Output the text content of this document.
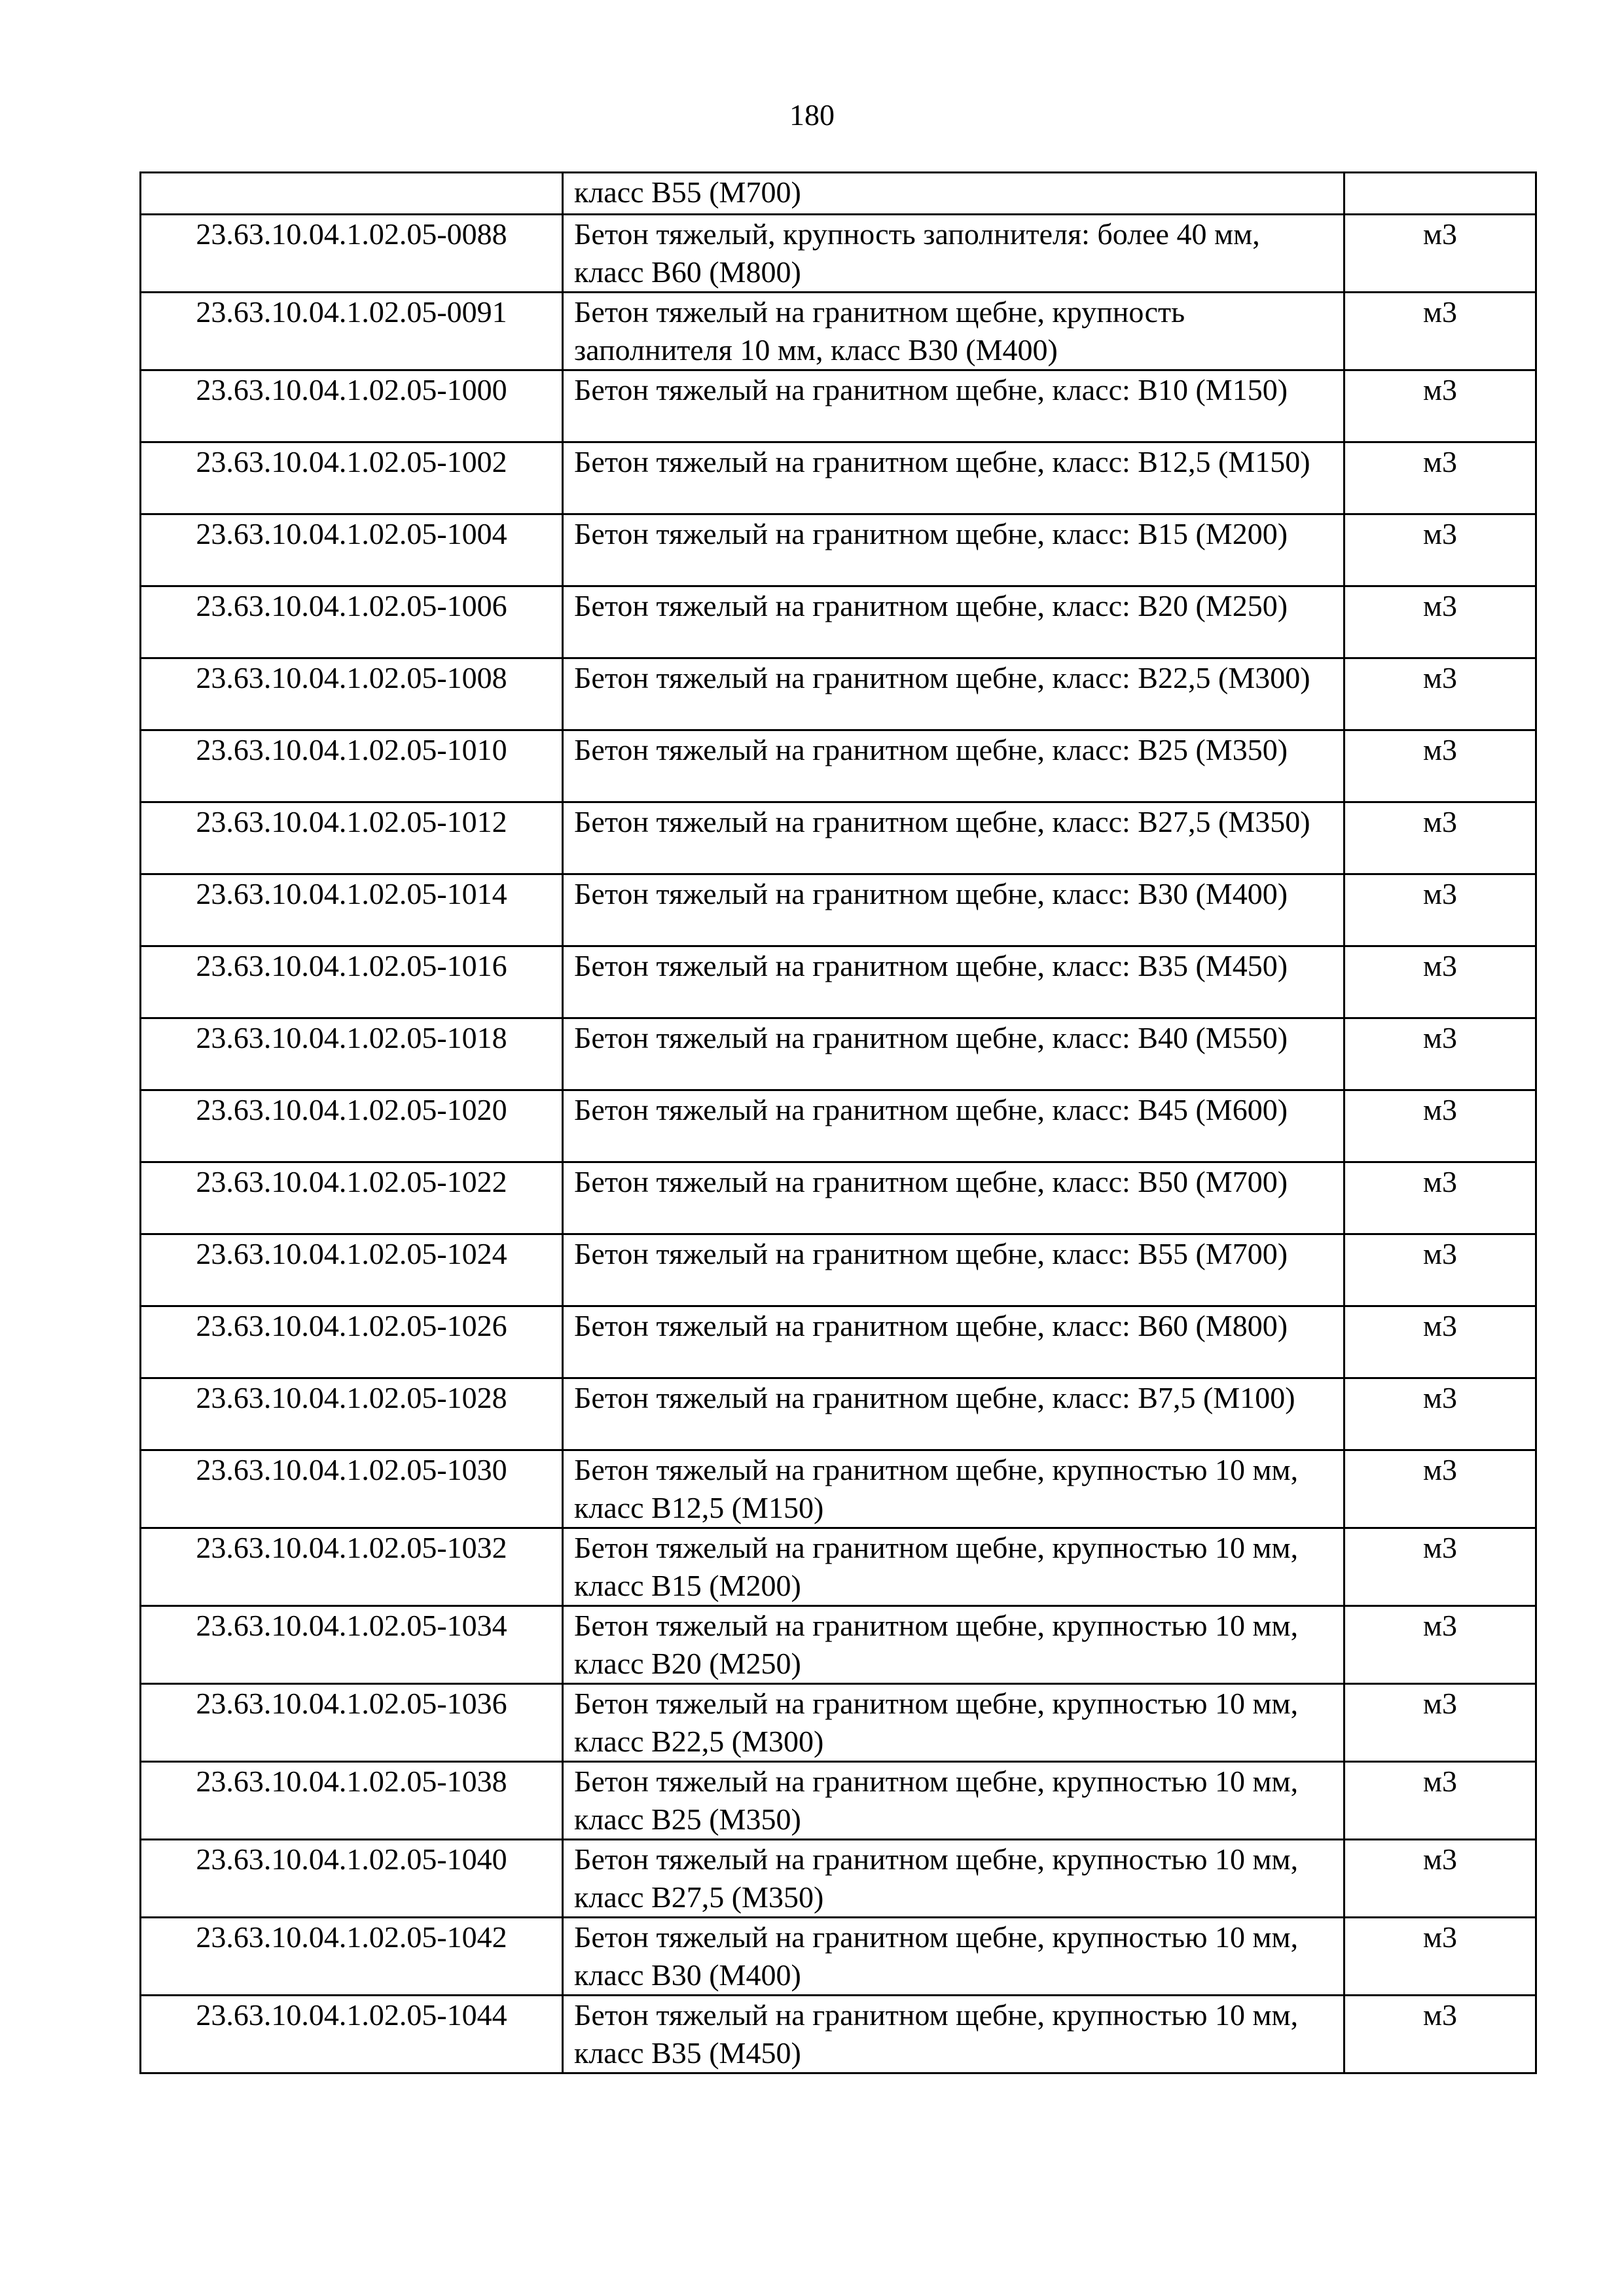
180
	класс В55 (М700)	
23.63.10.04.1.02.05-0088	Бетон тяжелый, крупность заполнителя: более 40 мм, класс В60 (М800)	м3
23.63.10.04.1.02.05-0091	Бетон тяжелый на гранитном щебне, крупность заполнителя 10 мм, класс В30 (М400)	м3
23.63.10.04.1.02.05-1000	Бетон тяжелый на гранитном щебне, класс: В10 (М150)	м3
23.63.10.04.1.02.05-1002	Бетон тяжелый на гранитном щебне, класс: В12,5 (М150)	м3
23.63.10.04.1.02.05-1004	Бетон тяжелый на гранитном щебне, класс: В15 (М200)	м3
23.63.10.04.1.02.05-1006	Бетон тяжелый на гранитном щебне, класс: В20 (М250)	м3
23.63.10.04.1.02.05-1008	Бетон тяжелый на гранитном щебне, класс: В22,5 (М300)	м3
23.63.10.04.1.02.05-1010	Бетон тяжелый на гранитном щебне, класс: В25 (М350)	м3
23.63.10.04.1.02.05-1012	Бетон тяжелый на гранитном щебне, класс: В27,5 (М350)	м3
23.63.10.04.1.02.05-1014	Бетон тяжелый на гранитном щебне, класс: В30 (М400)	м3
23.63.10.04.1.02.05-1016	Бетон тяжелый на гранитном щебне, класс: В35 (М450)	м3
23.63.10.04.1.02.05-1018	Бетон тяжелый на гранитном щебне, класс: В40 (М550)	м3
23.63.10.04.1.02.05-1020	Бетон тяжелый на гранитном щебне, класс: В45 (М600)	м3
23.63.10.04.1.02.05-1022	Бетон тяжелый на гранитном щебне, класс: В50 (М700)	м3
23.63.10.04.1.02.05-1024	Бетон тяжелый на гранитном щебне, класс: В55 (М700)	м3
23.63.10.04.1.02.05-1026	Бетон тяжелый на гранитном щебне, класс: В60 (М800)	м3
23.63.10.04.1.02.05-1028	Бетон тяжелый на гранитном щебне, класс: В7,5 (М100)	м3
23.63.10.04.1.02.05-1030	Бетон тяжелый на гранитном щебне, крупностью 10 мм, класс В12,5 (М150)	м3
23.63.10.04.1.02.05-1032	Бетон тяжелый на гранитном щебне, крупностью 10 мм, класс В15 (М200)	м3
23.63.10.04.1.02.05-1034	Бетон тяжелый на гранитном щебне, крупностью 10 мм, класс В20 (М250)	м3
23.63.10.04.1.02.05-1036	Бетон тяжелый на гранитном щебне, крупностью 10 мм, класс В22,5 (М300)	м3
23.63.10.04.1.02.05-1038	Бетон тяжелый на гранитном щебне, крупностью 10 мм, класс В25 (М350)	м3
23.63.10.04.1.02.05-1040	Бетон тяжелый на гранитном щебне, крупностью 10 мм, класс В27,5 (М350)	м3
23.63.10.04.1.02.05-1042	Бетон тяжелый на гранитном щебне, крупностью 10 мм, класс В30 (М400)	м3
23.63.10.04.1.02.05-1044	Бетон тяжелый на гранитном щебне, крупностью 10 мм, класс В35 (М450)	м3
